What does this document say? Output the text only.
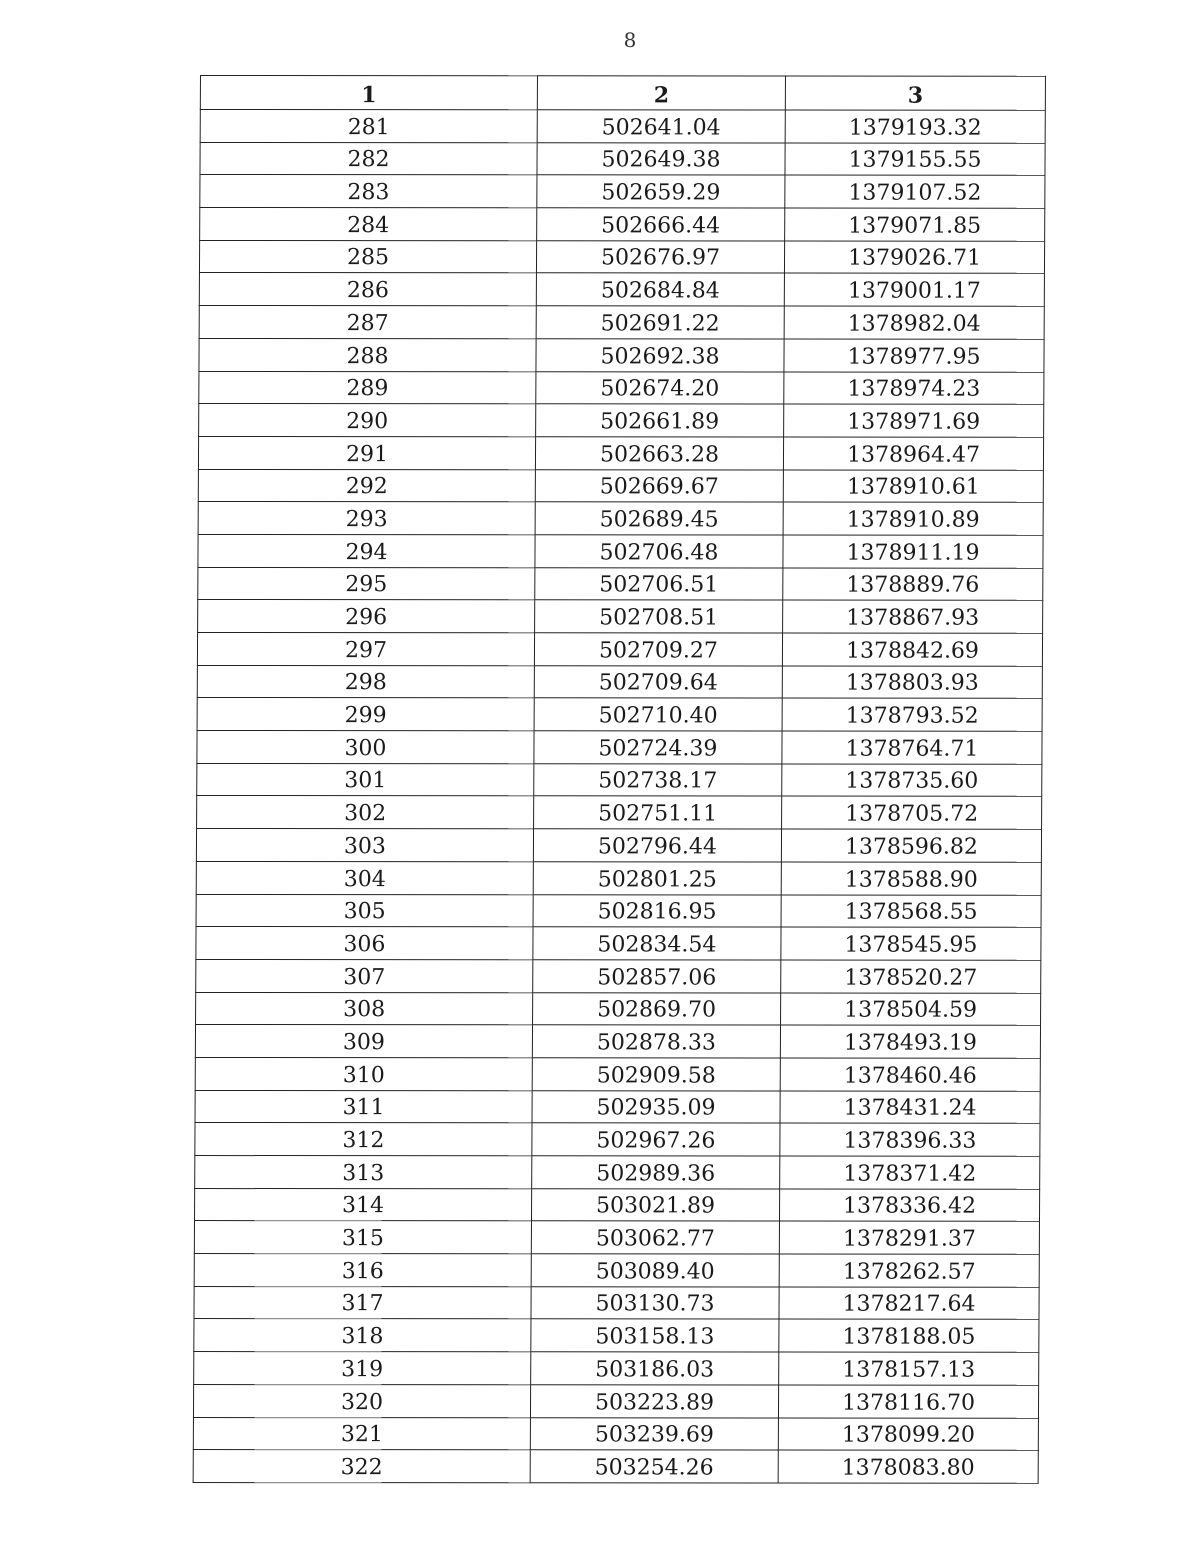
8
1	2	3
281	502641.04	1379193.32
282	502649.38	1379155.55
283	502659.29	1379107.52
284	502666.44	1379071.85
285	502676.97	1379026.71
286	502684.84	1379001.17
287	502691.22	1378982.04
288	502692.38	1378977.95
289	502674.20	1378974.23
290	502661.89	1378971.69
291	502663.28	1378964.47
292	502669.67	1378910.61
293	502689.45	1378910.89
294	502706.48	1378911.19
295	502706.51	1378889.76
296	502708.51	1378867.93
297	502709.27	1378842.69
298	502709.64	1378803.93
299	502710.40	1378793.52
300	502724.39	1378764.71
301	502738.17	1378735.60
302	502751.11	1378705.72
303	502796.44	1378596.82
304	502801.25	1378588.90
305	502816.95	1378568.55
306	502834.54	1378545.95
307	502857.06	1378520.27
308	502869.70	1378504.59
309	502878.33	1378493.19
310	502909.58	1378460.46
311	502935.09	1378431.24
312	502967.26	1378396.33
313	502989.36	1378371.42
314	503021.89	1378336.42
315	503062.77	1378291.37
316	503089.40	1378262.57
317	503130.73	1378217.64
318	503158.13	1378188.05
319	503186.03	1378157.13
320	503223.89	1378116.70
321	503239.69	1378099.20
322	503254.26	1378083.80
